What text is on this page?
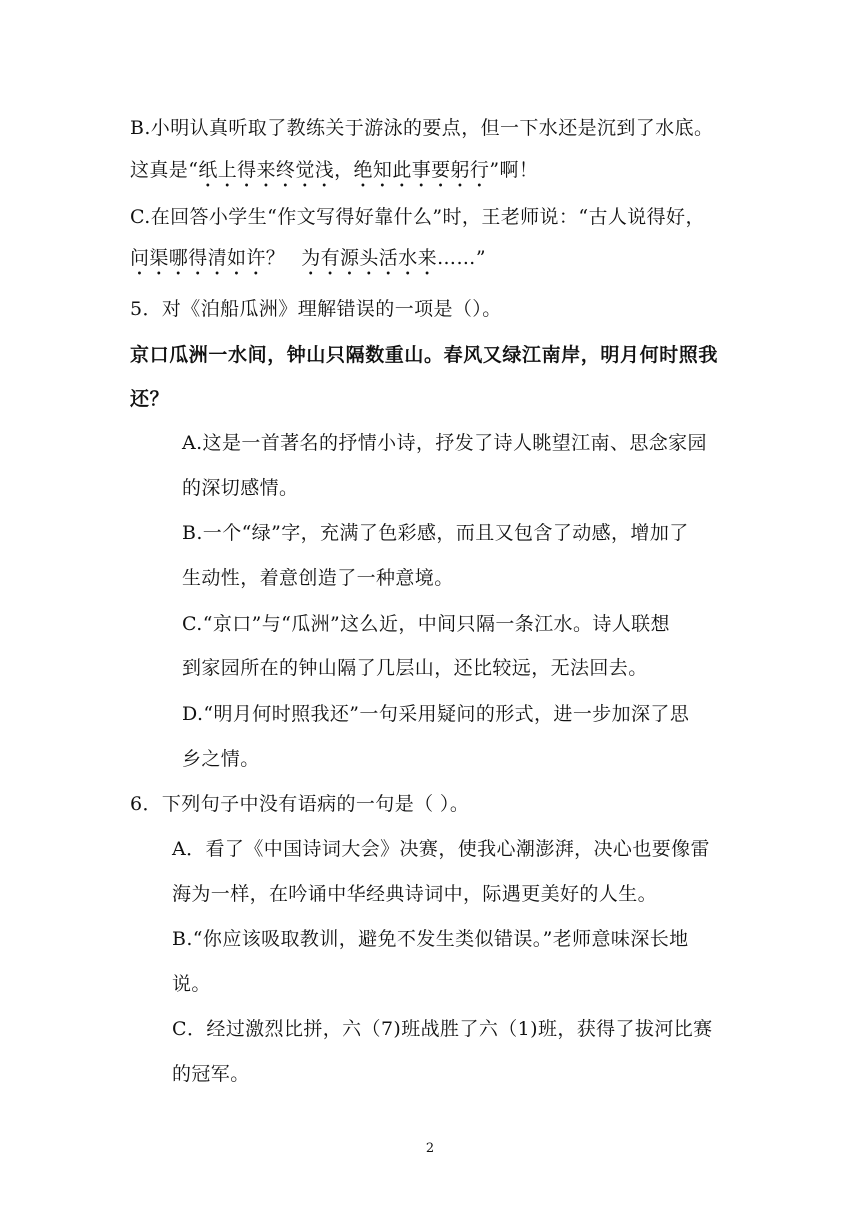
B.小明认真听取了教练关于游泳的要点，但一下水还是沉到了水底。
这真是“纸上得来终觉浅，绝知此事要躬行”啊！
C.在回答小学生“作文写得好靠什么”时，王老师说：“古人说得好，
问渠哪得清如许？ 为有源头活水来……”
5．对《泊船瓜洲》理解错误的一项是（）。
京口瓜洲一水间，钟山只隔数重山。春风又绿江南岸，明月何时照我
还？
A.这是一首著名的抒情小诗，抒发了诗人眺望江南、思念家园
的深切感情。
B.一个“绿”字，充满了色彩感，而且又包含了动感，增加了
生动性，着意创造了一种意境。
C.“京口”与“瓜洲”这么近，中间只隔一条江水。诗人联想
到家园所在的钟山隔了几层山，还比较远，无法回去。
D.“明月何时照我还”一句采用疑问的形式，进一步加深了思
乡之情。
6．下列句子中没有语病的一句是（ ）。
A．看了《中国诗词大会》决赛，使我心潮澎湃，决心也要像雷
海为一样，在吟诵中华经典诗词中，际遇更美好的人生。
B.“你应该吸取教训，避免不发生类似错误。”老师意味深长地
说。
C．经过激烈比拼，六（7)班战胜了六（1)班，获得了拔河比赛
的冠军。
2
